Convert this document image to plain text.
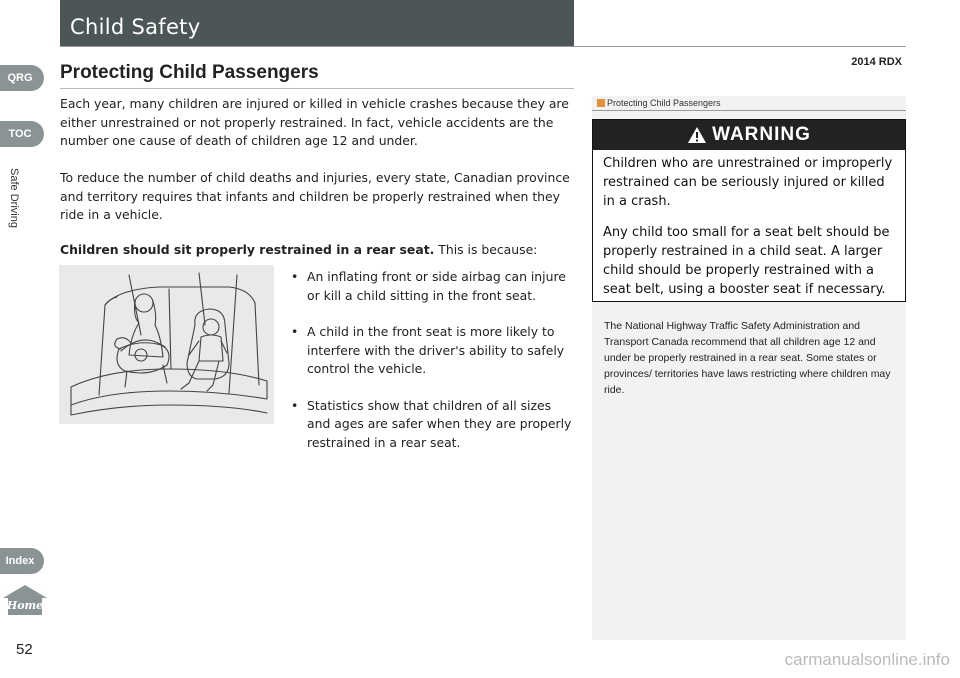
Child Safety
2014 RDX
QRG
TOC
Safe Driving
Index
Home
52
Protecting Child Passengers

Each year, many children are injured or killed in vehicle crashes because they are either unrestrained or not properly restrained. In fact, vehicle accidents are the number one cause of death of children age 12 and under.

To reduce the number of child deaths and injuries, every state, Canadian province and territory requires that infants and children be properly restrained when they ride in a vehicle.

Children should sit properly restrained in a rear seat. This is because:

• An inflating front or side airbag can injure or kill a child sitting in the front seat.
• A child in the front seat is more likely to interfere with the driver's ability to safely control the vehicle.
• Statistics show that children of all sizes and ages are safer when they are properly restrained in a rear seat.
Protecting Child Passengers
WARNING

Children who are unrestrained or improperly restrained can be seriously injured or killed in a crash.

Any child too small for a seat belt should be properly restrained in a child seat. A larger child should be properly restrained with a seat belt, using a booster seat if necessary.

The National Highway Traffic Safety Administration and Transport Canada recommend that all children age 12 and under be properly restrained in a rear seat. Some states or provinces/ territories have laws restricting where children may ride.

carmanualsonline.info
